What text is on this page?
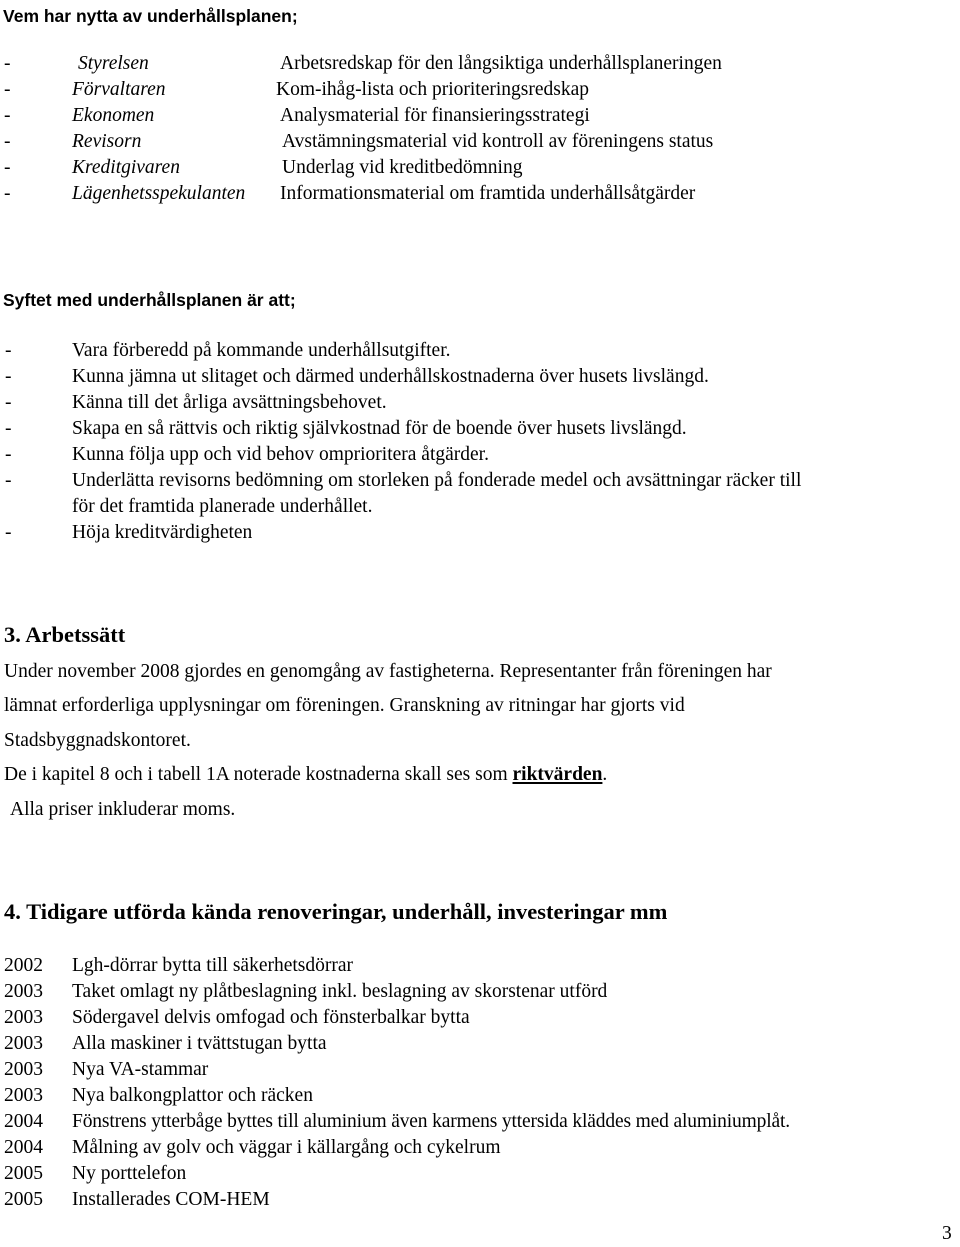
Vem har nytta av underhållsplanen;
-	Styrelsen	Arbetsredskap för den långsiktiga underhållsplaneringen
-	Förvaltaren	Kom-ihåg-lista och prioriteringsredskap
-	Ekonomen	Analysmaterial för finansieringsstrategi
-	Revisorn	Avstämningsmaterial vid kontroll av föreningens status
-	Kreditgivaren	Underlag vid kreditbedömning
-	Lägenhetsspekulanten Informationsmaterial om framtida underhållsåtgärder
Syftet med underhållsplanen är att;
-	Vara förberedd på kommande underhållsutgifter.
-	Kunna jämna ut slitaget och därmed underhållskostnaderna över husets livslängd.
-	Känna till det årliga avsättningsbehovet.
-	Skapa en så rättvis och riktig självkostnad för de boende över husets livslängd.
-	Kunna följa upp och vid behov omprioritera åtgärder.
-	Underlätta revisorns bedömning om storleken på fonderade medel och avsättningar räcker till
för det framtida planerade underhållet.
-	Höja kreditvärdigheten
3. Arbetssätt
Under november 2008 gjordes en genomgång av fastigheterna. Representanter från föreningen har
lämnat erforderliga upplysningar om föreningen. Granskning av ritningar har gjorts vid
Stadsbyggnadskontoret.
De i kapitel 8 och i tabell 1A noterade kostnaderna skall ses som riktvärden.
Alla priser inkluderar moms.
4. Tidigare utförda kända renoveringar, underhåll, investeringar mm
2002 Lgh-dörrar bytta till säkerhetsdörrar
2003 Taket omlagt ny plåtbeslagning inkl. beslagning av skorstenar utförd
2003 Södergavel delvis omfogad och fönsterbalkar bytta
2003 Alla maskiner i tvättstugan bytta
2003 Nya VA-stammar
2003 Nya balkongplattor och räcken
2004 Fönstrens ytterbåge byttes till aluminium även karmens yttersida kläddes med aluminiumplåt.
2004 Målning av golv och väggar i källargång och cykelrum
2005 Ny porttelefon
2005 Installerades COM-HEM
3
